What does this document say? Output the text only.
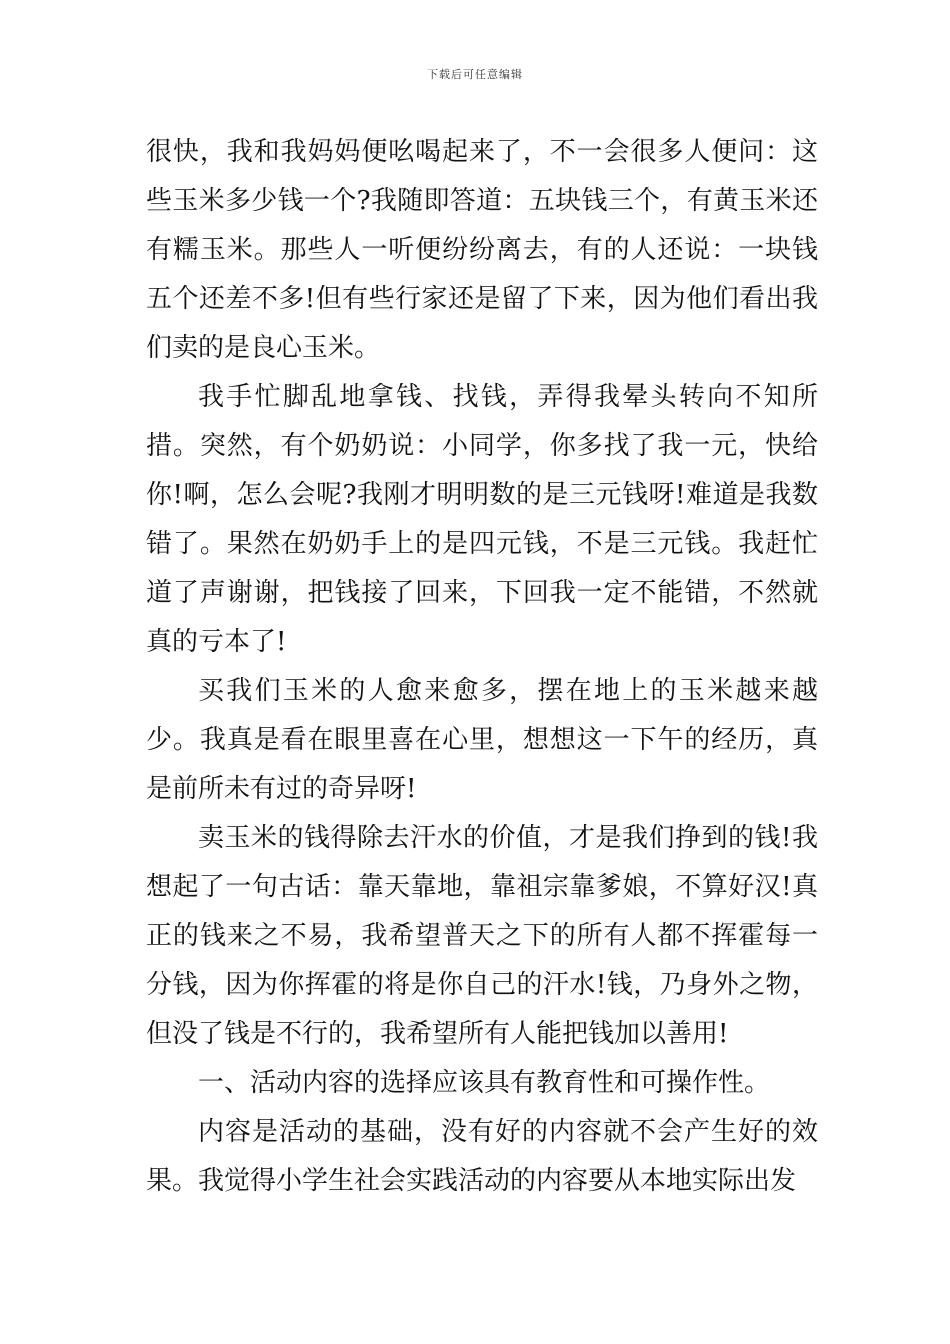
下载后可任意编辑

很快，我和我妈妈便吆喝起来了，不一会很多人便问：这些玉米多少钱一个?我随即答道：五块钱三个，有黄玉米还有糯玉米。那些人一听便纷纷离去，有的人还说：一块钱五个还差不多!但有些行家还是留了下来，因为他们看出我们卖的是良心玉米。

我手忙脚乱地拿钱、找钱，弄得我晕头转向不知所措。突然，有个奶奶说：小同学，你多找了我一元，快给你!啊，怎么会呢?我刚才明明数的是三元钱呀!难道是我数错了。果然在奶奶手上的是四元钱，不是三元钱。我赶忙道了声谢谢，把钱接了回来，下回我一定不能错，不然就真的亏本了!

买我们玉米的人愈来愈多，摆在地上的玉米越来越少。我真是看在眼里喜在心里，想想这一下午的经历，真是前所未有过的奇异呀!

卖玉米的钱得除去汗水的价值，才是我们挣到的钱!我想起了一句古话：靠天靠地，靠祖宗靠爹娘，不算好汉!真正的钱来之不易，我希望普天之下的所有人都不挥霍每一分钱，因为你挥霍的将是你自己的汗水!钱，乃身外之物，但没了钱是不行的，我希望所有人能把钱加以善用!

一、活动内容的选择应该具有教育性和可操作性。

内容是活动的基础，没有好的内容就不会产生好的效果。我觉得小学生社会实践活动的内容要从本地实际出发
